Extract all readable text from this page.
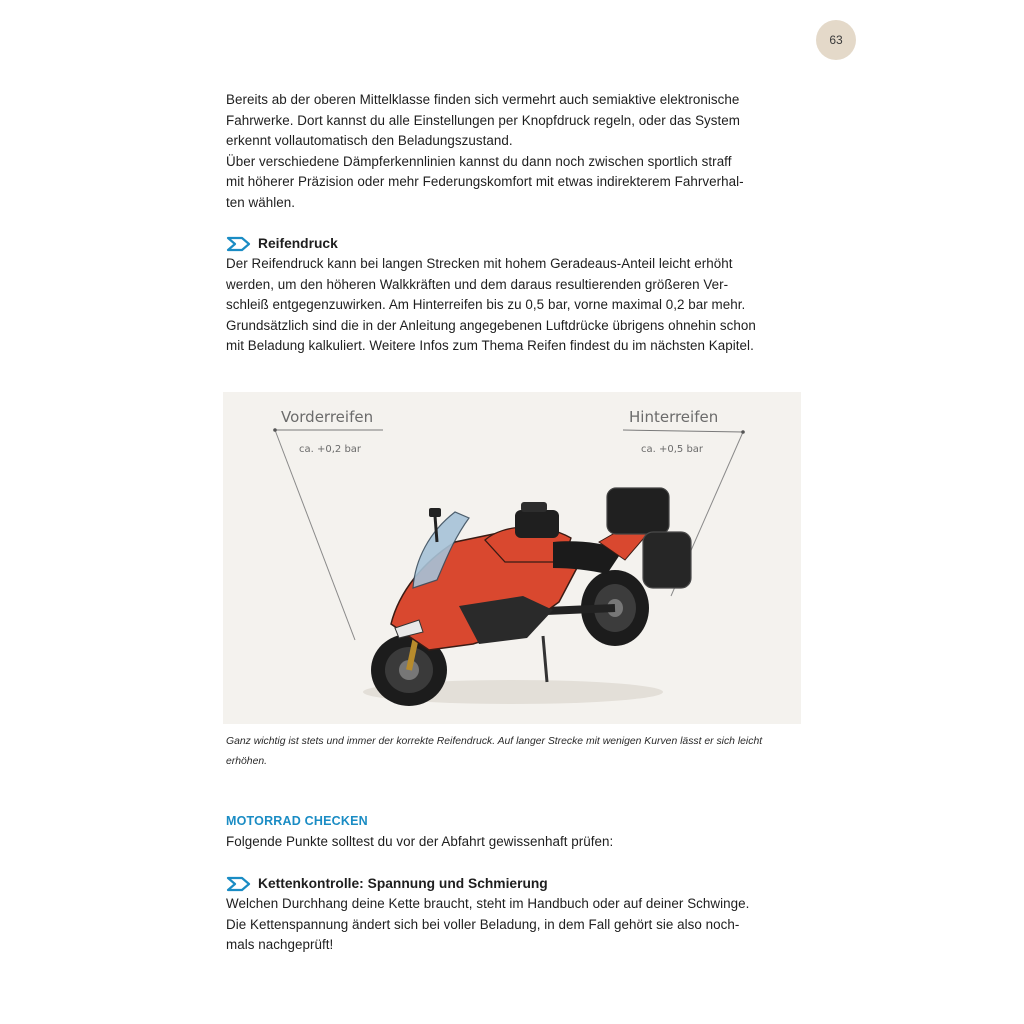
63

Bereits ab der oberen Mittelklasse finden sich vermehrt auch semiaktive elektronische

Fahrwerke. Dort kannst du alle Einstellungen per Knopfdruck regeln, oder das System

erkennt vollautomatisch den Beladungszustand.

Über verschiedene Dämpferkennlinien kannst du dann noch zwischen sportlich straff

mit höherer Präzision oder mehr Federungskomfort mit etwas indirekterem Fahrverhal-

ten wählen.

Reifendruck

Der Reifendruck kann bei langen Strecken mit hohem Geradeaus-Anteil leicht erhöht

werden, um den höheren Walkkräften und dem daraus resultierenden größeren Ver-

schleiß entgegenzuwirken. Am Hinterreifen bis zu 0,5 bar, vorne maximal 0,2 bar mehr.

Grundsätzlich sind die in der Anleitung angegebenen Luftdrücke übrigens ohnehin schon

mit Beladung kalkuliert. Weitere Infos zum Thema Reifen findest du im nächsten Kapitel.

Vorderreifen
ca. +0,2 bar
Hinterreifen
ca. +0,5 bar
Ganz wichtig ist stets und immer der korrekte Reifendruck. Auf langer Strecke mit wenigen Kurven lässt er sich leicht
erhöhen.
MOTORRAD CHECKEN

Folgende Punkte solltest du vor der Abfahrt gewissenhaft prüfen:

Kettenkontrolle: Spannung und Schmierung

Welchen Durchhang deine Kette braucht, steht im Handbuch oder auf deiner Schwinge.

Die Kettenspannung ändert sich bei voller Beladung, in dem Fall gehört sie also noch-

mals nachgeprüft!
